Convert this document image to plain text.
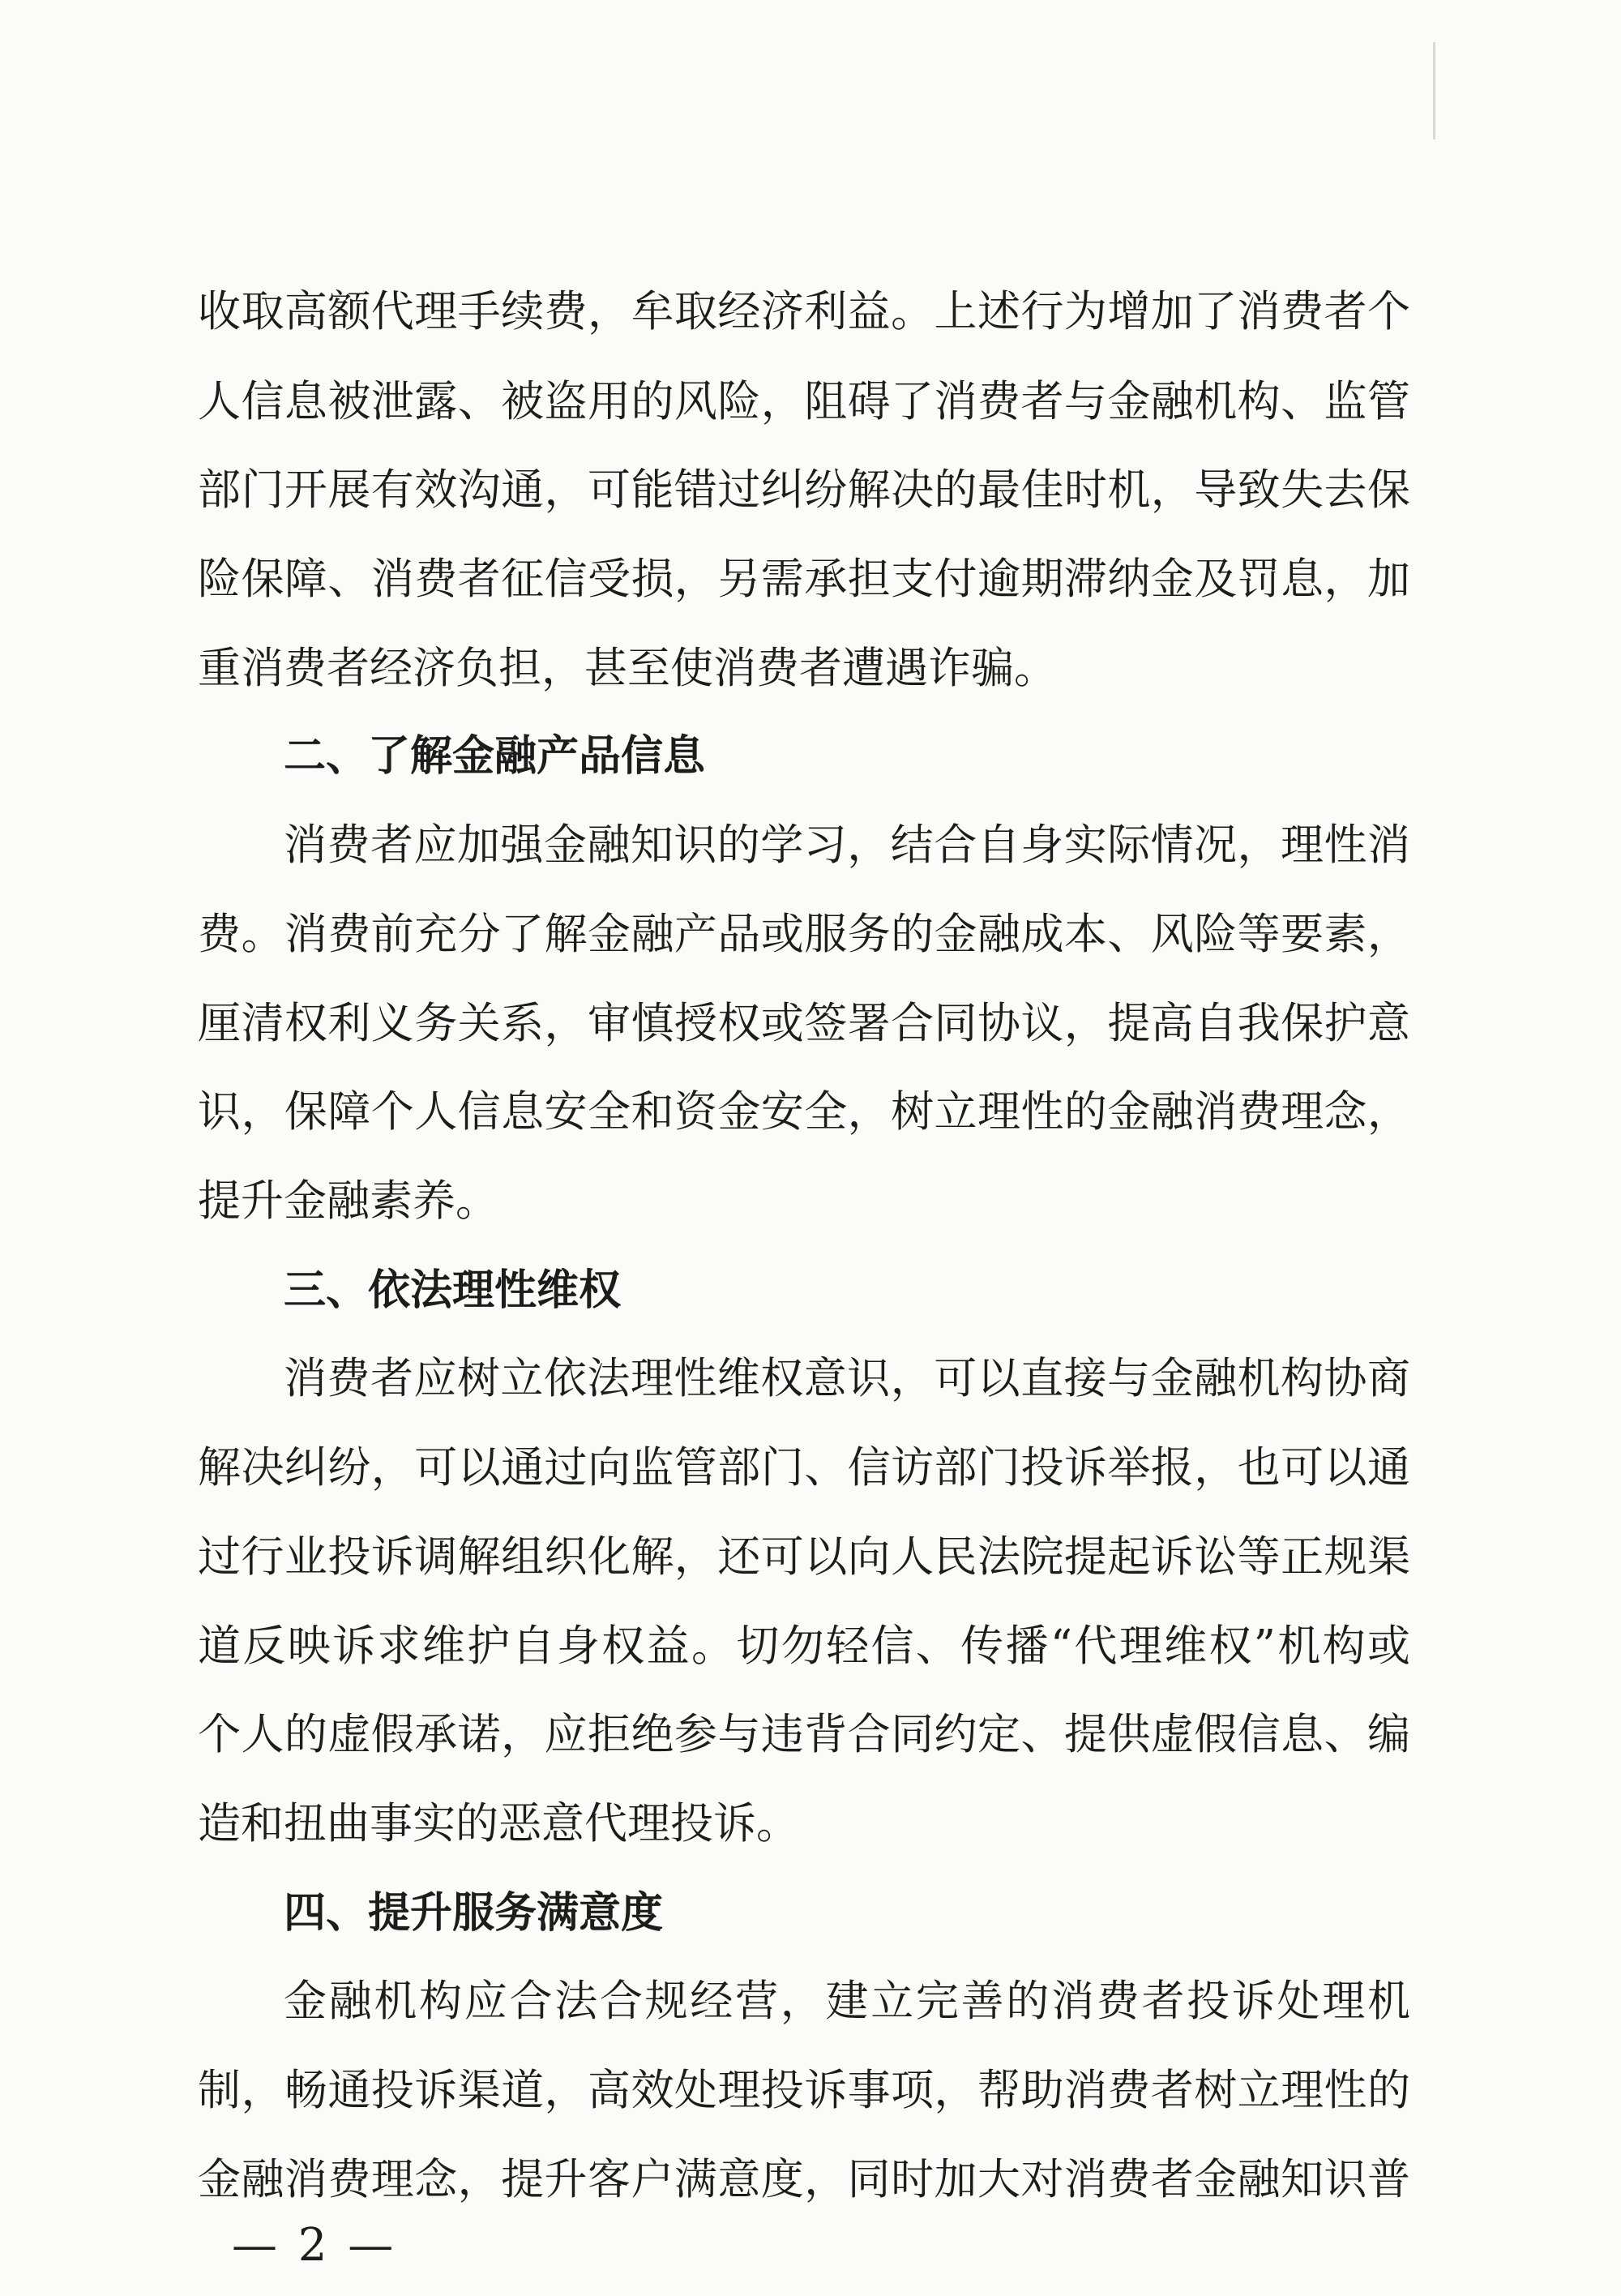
收取高额代理手续费，牟取经济利益。上述行为增加了消费者个
人信息被泄露、被盗用的风险，阻碍了消费者与金融机构、监管
部门开展有效沟通，可能错过纠纷解决的最佳时机，导致失去保
险保障、消费者征信受损，另需承担支付逾期滞纳金及罚息，加
重消费者经济负担，甚至使消费者遭遇诈骗。
二、了解金融产品信息
消费者应加强金融知识的学习，结合自身实际情况，理性消
费。消费前充分了解金融产品或服务的金融成本、风险等要素，
厘清权利义务关系，审慎授权或签署合同协议，提高自我保护意
识，保障个人信息安全和资金安全，树立理性的金融消费理念，
提升金融素养。
三、依法理性维权
消费者应树立依法理性维权意识，可以直接与金融机构协商
解决纠纷，可以通过向监管部门、信访部门投诉举报，也可以通
过行业投诉调解组织化解，还可以向人民法院提起诉讼等正规渠
道反映诉求维护自身权益。切勿轻信、传播“代理维权”机构或
个人的虚假承诺，应拒绝参与违背合同约定、提供虚假信息、编
造和扭曲事实的恶意代理投诉。
四、提升服务满意度
金融机构应合法合规经营，建立完善的消费者投诉处理机
制，畅通投诉渠道，高效处理投诉事项，帮助消费者树立理性的
金融消费理念，提升客户满意度，同时加大对消费者金融知识普
— 2 —
